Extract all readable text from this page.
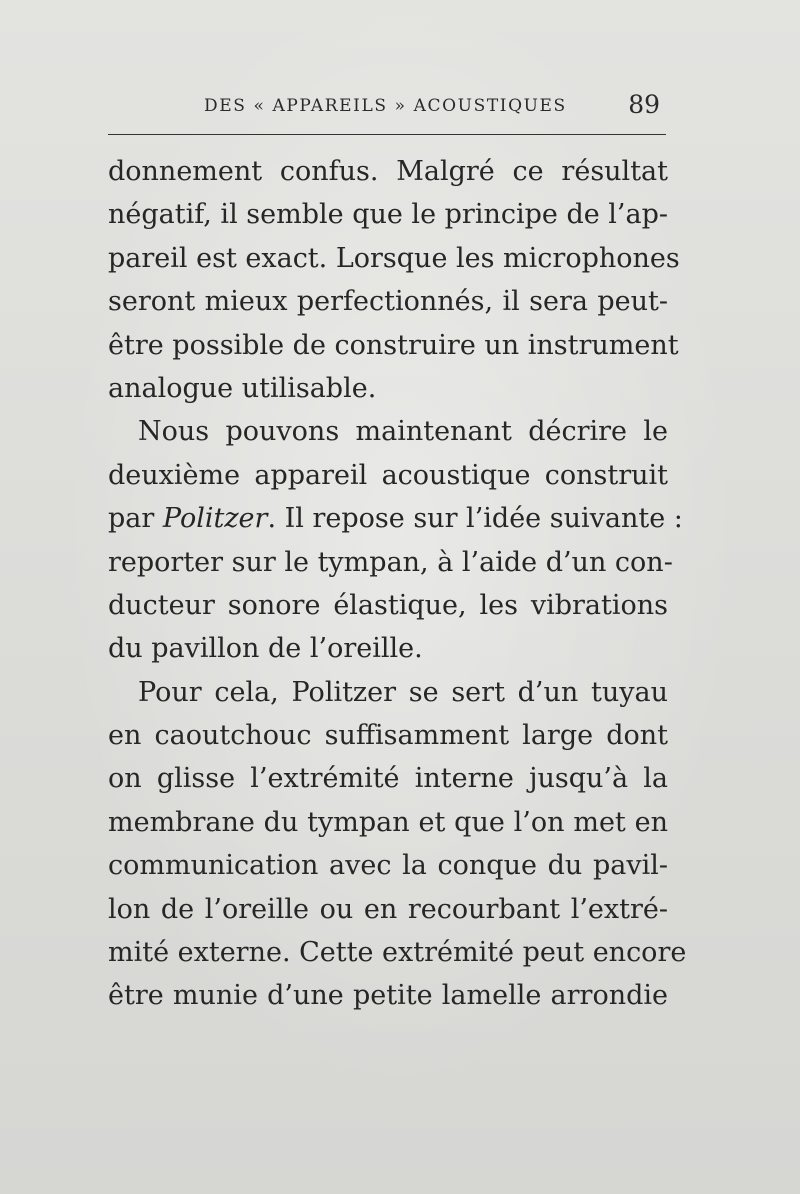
DES « APPAREILS » ACOUSTIQUES 89
donnement confus. Malgré ce résultat
négatif, il semble que le principe de l’ap-
pareil est exact. Lorsque les microphones
seront mieux perfectionnés, il sera peut-
être possible de construire un instrument
analogue utilisable.
Nous pouvons maintenant décrire le
deuxième appareil acoustique construit
par Politzer. Il repose sur l’idée suivante :
reporter sur le tympan, à l’aide d’un con-
ducteur sonore élastique, les vibrations
du pavillon de l’oreille.
Pour cela, Politzer se sert d’un tuyau
en caoutchouc suffisamment large dont
on glisse l’extrémité interne jusqu’à la
membrane du tympan et que l’on met en
communication avec la conque du pavil-
lon de l’oreille ou en recourbant l’extré-
mité externe. Cette extrémité peut encore
être munie d’une petite lamelle arrondie
